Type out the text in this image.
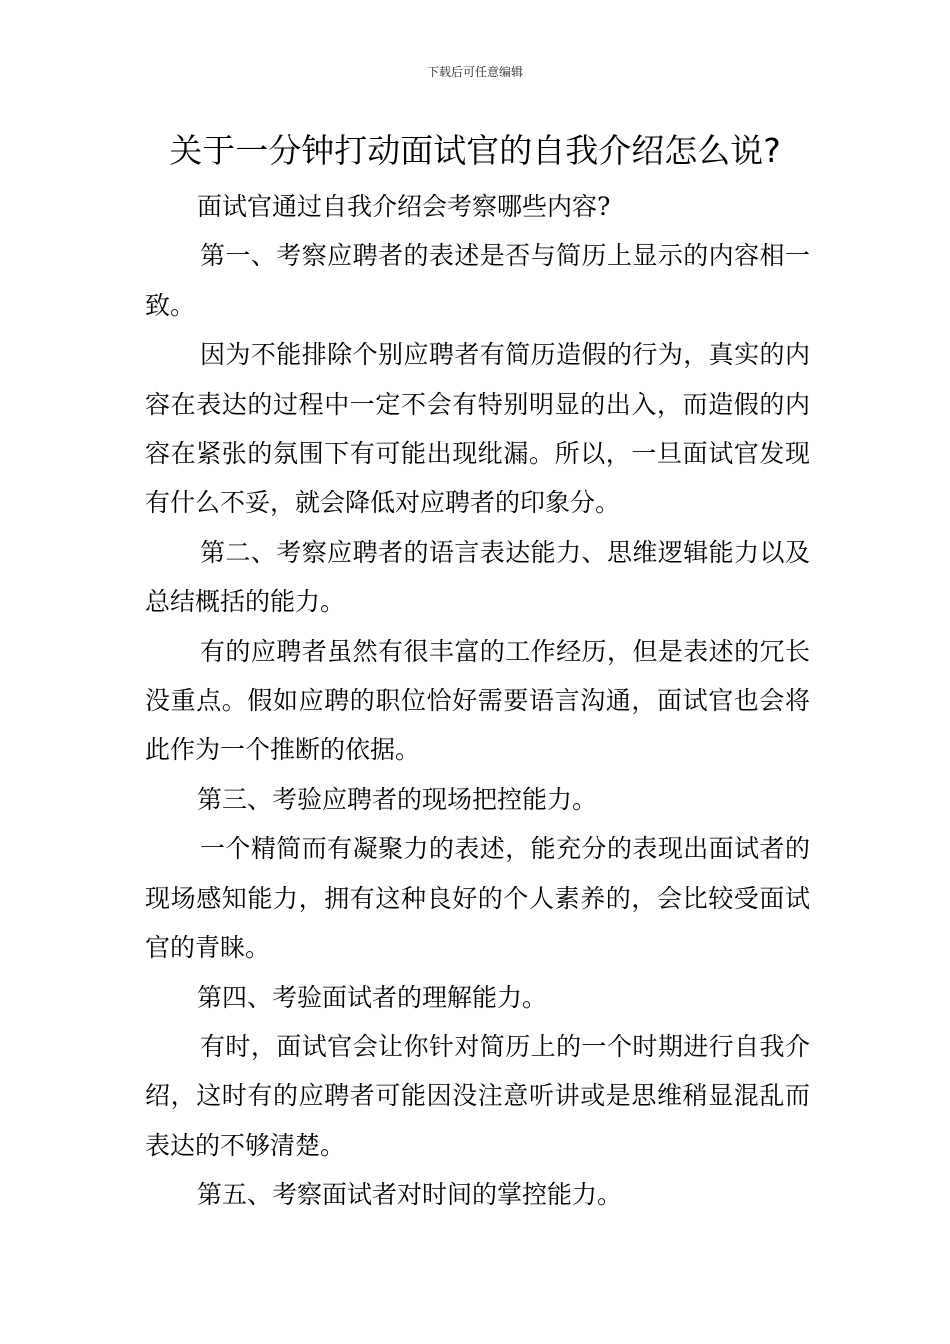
下载后可任意编辑
关于一分钟打动面试官的自我介绍怎么说?

面试官通过自我介绍会考察哪些内容?

第一、考察应聘者的表述是否与简历上显示的内容相一致。

因为不能排除个别应聘者有简历造假的行为，真实的内容在表达的过程中一定不会有特别明显的出入，而造假的内容在紧张的氛围下有可能出现纰漏。所以，一旦面试官发现有什么不妥，就会降低对应聘者的印象分。

第二、考察应聘者的语言表达能力、思维逻辑能力以及总结概括的能力。

有的应聘者虽然有很丰富的工作经历，但是表述的冗长没重点。假如应聘的职位恰好需要语言沟通，面试官也会将此作为一个推断的依据。

第三、考验应聘者的现场把控能力。

一个精简而有凝聚力的表述，能充分的表现出面试者的现场感知能力，拥有这种良好的个人素养的，会比较受面试官的青睐。

第四、考验面试者的理解能力。

有时，面试官会让你针对简历上的一个时期进行自我介绍，这时有的应聘者可能因没注意听讲或是思维稍显混乱而表达的不够清楚。

第五、考察面试者对时间的掌控能力。
